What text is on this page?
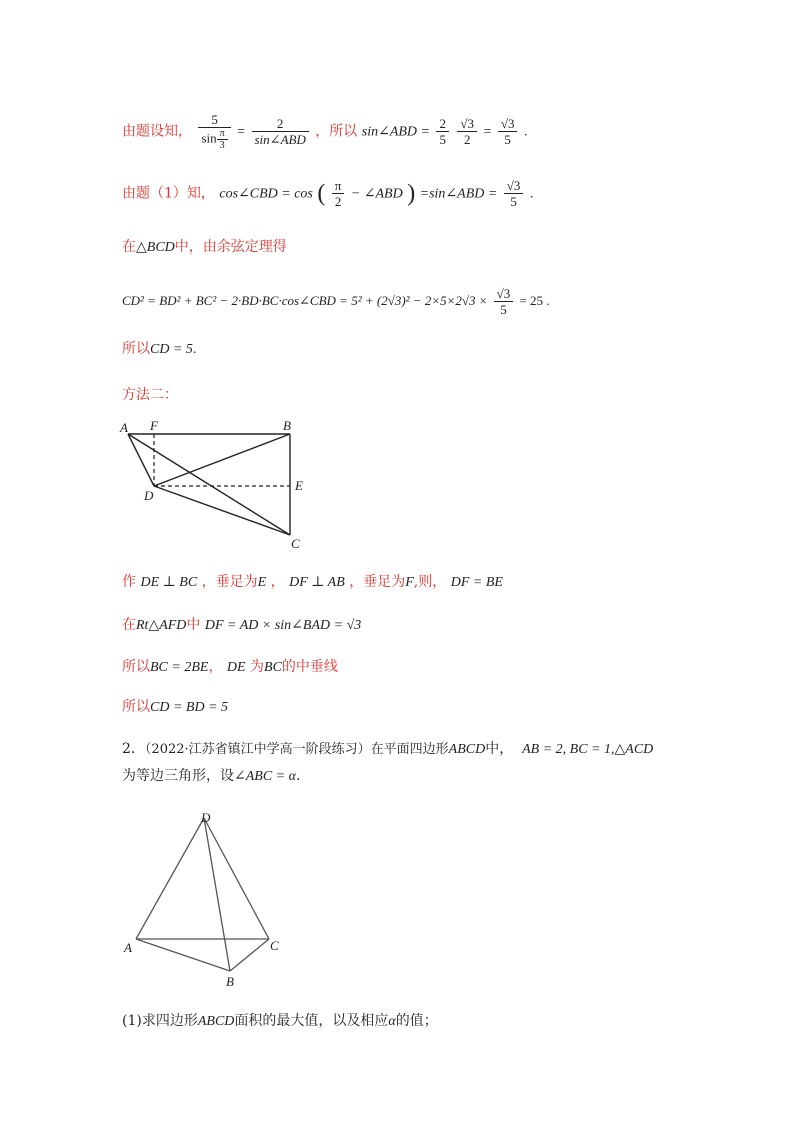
由题设知， $\frac{5}{\sin \frac{\pi}{3}} = \frac{2}{\text{sin∠ABD}}$ ，所以 sin∠ABD = $\frac{2}{5}$
$\frac{√3}{2} = \frac{√3}{5}$ .
由题（1）知， cos∠CBD = cos ( $\frac{\pi}{2}$ − ∠ABD ) =sin∠ABD = $\frac{√3}{5}$ .
在△BCD中，由余弦定理得
CD² = BD² + BC² − 2·BD·BC·cos∠CBD = $5^2 + (2√3)^2 - 2\times 5\times 2√3 \times \frac{√3}{5} = 25$ .
所以CD = 5.
方法二：
A F	B
D
E
C
作 DE ⊥ BC ，垂足为E ， DF ⊥ AB ，垂足为F,则， DF = BE
在Rt△AFD中 DF = AD × sin∠BAD = √3
所以BC = 2BE， DE 为BC的中垂线
所以CD = BD = 5
2．（2022·江苏省镇江中学高一阶段练习）在平面四边形ABCD中， AB = 2, BC = 1,△ACD
为等边三角形，设∠ABC = α.
D
A	C
B
(1)求四边形ABCD面积的最大值，以及相应α的值；
